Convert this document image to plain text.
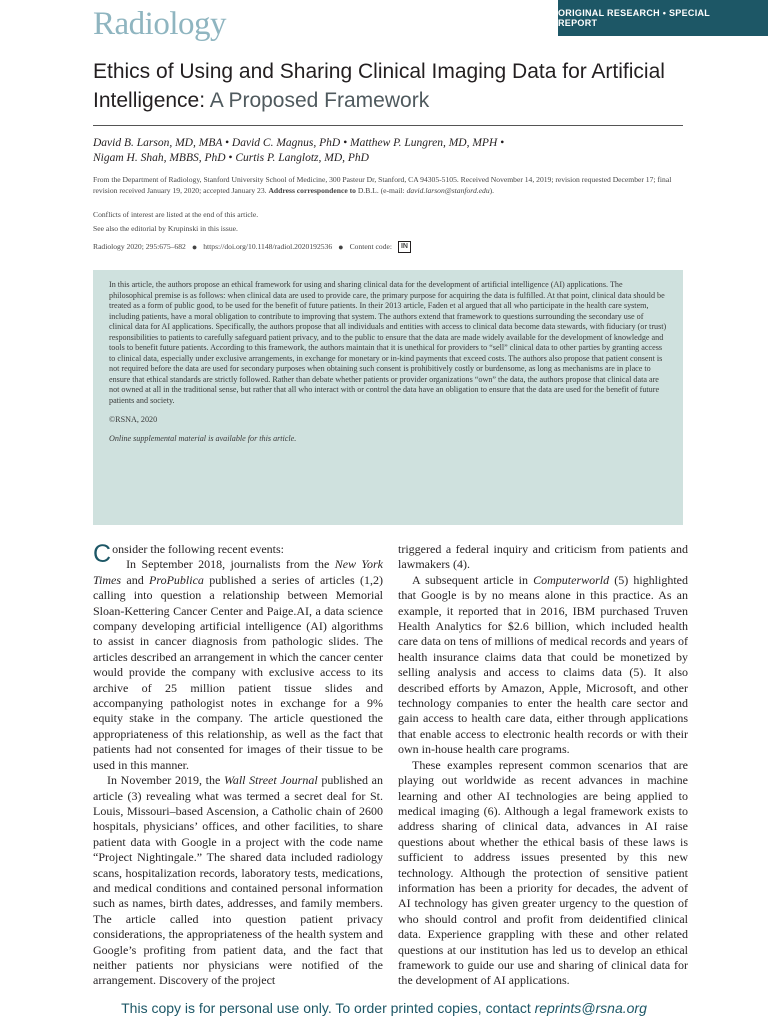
Radiology	ORIGINAL RESEARCH • SPECIAL REPORT
Ethics of Using and Sharing Clinical Imaging Data for Artificial Intelligence: A Proposed Framework
David B. Larson, MD, MBA • David C. Magnus, PhD • Matthew P. Lungren, MD, MPH •
Nigam H. Shah, MBBS, PhD • Curtis P. Langlotz, MD, PhD
From the Department of Radiology, Stanford University School of Medicine, 300 Pasteur Dr, Stanford, CA 94305-5105. Received November 14, 2019; revision requested December 17; final revision received January 19, 2020; accepted January 23. Address correspondence to D.B.L. (e-mail: david.larson@stanford.edu).
Conflicts of interest are listed at the end of this article.
See also the editorial by Krupinski in this issue.
Radiology 2020; 295:675–682 ● https://doi.org/10.1148/radiol.2020192536 ● Content code:	IN

In this article, the authors propose an ethical framework for using and sharing clinical data for the development of artificial intelligence (AI) applications. The philosophical premise is as follows: when clinical data are used to provide care, the primary purpose for acquiring the data is fulfilled. At that point, clinical data should be treated as a form of public good, to be used for the benefit of future patients. In their 2013 article, Faden et al argued that all who participate in the health care system, including patients, have a moral obligation to contribute to improving that system. The authors extend that framework to questions surrounding the secondary use of clinical data for AI applications. Specifically, the authors propose that all individuals and entities with access to clinical data become data stewards, with fiduciary (or trust) responsibilities to patients to carefully safeguard patient privacy, and to the public to ensure that the data are made widely available for the development of knowledge and tools to benefit future patients. According to this framework, the authors maintain that it is unethical for providers to “sell” clinical data to other parties by granting access to clinical data, especially under exclusive arrangements, in exchange for monetary or in-kind payments that exceed costs. The authors also propose that patient consent is not required before the data are used for secondary purposes when obtaining such consent is prohibitively costly or burdensome, as long as mechanisms are in place to ensure that ethical standards are strictly followed. Rather than debate whether patients or provider organizations “own” the data, the authors propose that clinical data are not owned at all in the traditional sense, but rather that all who interact with or control the data have an obligation to ensure that the data are used for the benefit of future patients and society.

©RSNA, 2020

Online supplemental material is available for this article.

Consider the following recent events:

In September 2018, journalists from the New York Times and ProPublica published a series of articles (1,2) calling into question a relationship between Memorial Sloan-Kettering Cancer Center and Paige.AI, a data science company developing artificial intelligence (AI) algorithms to assist in cancer diagnosis from pathologic slides. The articles described an arrangement in which the cancer center would provide the company with exclusive access to its archive of 25 million patient tissue slides and accompanying pathologist notes in exchange for a 9% equity stake in the company. The article questioned the appropriateness of this relationship, as well as the fact that patients had not consented for images of their tissue to be used in this manner.

In November 2019, the Wall Street Journal published an article (3) revealing what was termed a secret deal for St. Louis, Missouri–based Ascension, a Catholic chain of 2600 hospitals, physicians’ offices, and other facilities, to share patient data with Google in a project with the code name “Project Nightingale.” The shared data included radiology scans, hospitalization records, laboratory tests, medications, and medical conditions and contained personal information such as names, birth dates, addresses, and family members. The article called into question patient privacy considerations, the appropriateness of the health system and Google’s profiting from patient data, and the fact that neither patients nor physicians were notified of the arrangement. Discovery of the project

triggered a federal inquiry and criticism from patients and lawmakers (4).

A subsequent article in Computerworld (5) highlighted that Google is by no means alone in this practice. As an example, it reported that in 2016, IBM purchased Truven Health Analytics for $2.6 billion, which included health care data on tens of millions of medical records and years of health insurance claims data that could be monetized by selling analysis and access to claims data (5). It also described efforts by Amazon, Apple, Microsoft, and other technology companies to enter the health care sector and gain access to health care data, either through applications that enable access to electronic health records or with their own in-house health care programs.

These examples represent common scenarios that are playing out worldwide as recent advances in machine learning and other AI technologies are being applied to medical imaging (6). Although a legal framework exists to address sharing of clinical data, advances in AI raise questions about whether the ethical basis of these laws is sufficient to address issues presented by this new technology. Although the protection of sensitive patient information has been a priority for decades, the advent of AI technology has given greater urgency to the question of who should control and profit from deidentified clinical data. Experience grappling with these and other related questions at our institution has led us to develop an ethical framework to guide our use and sharing of clinical data for the development of AI applications.

This copy is for personal use only. To order printed copies, contact reprints@rsna.org
